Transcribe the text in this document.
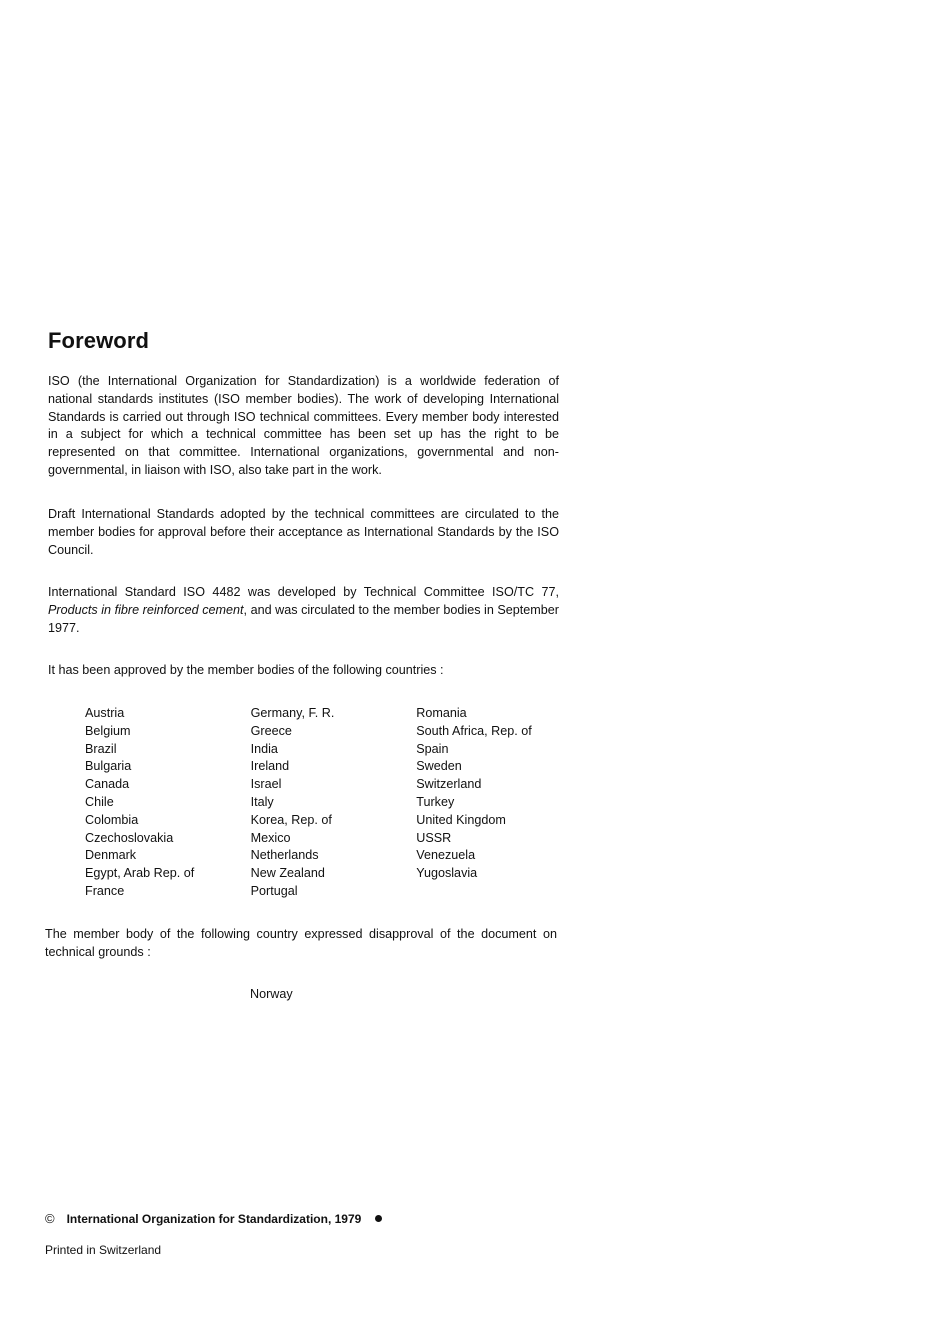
Foreword

ISO (the International Organization for Standardization) is a worldwide federation of national standards institutes (ISO member bodies). The work of developing International Standards is carried out through ISO technical committees. Every member body interested in a subject for which a technical committee has been set up has the right to be represented on that committee. International organizations, governmental and non-governmental, in liaison with ISO, also take part in the work.

Draft International Standards adopted by the technical committees are circulated to the member bodies for approval before their acceptance as International Standards by the ISO Council.

International Standard ISO 4482 was developed by Technical Committee ISO/TC 77, Products in fibre reinforced cement, and was circulated to the member bodies in September 1977.

It has been approved by the member bodies of the following countries :

Austria
Belgium
Brazil
Bulgaria
Canada
Chile
Colombia
Czechoslovakia
Denmark
Egypt, Arab Rep. of
France
Germany, F. R.
Greece
India
Ireland
Israel
Italy
Korea, Rep. of
Mexico
Netherlands
New Zealand
Portugal
Romania
South Africa, Rep. of
Spain
Sweden
Switzerland
Turkey
United Kingdom
USSR
Venezuela
Yugoslavia

The member body of the following country expressed disapproval of the document on technical grounds :

Norway
© International Organization for Standardization, 1979
Printed in Switzerland
